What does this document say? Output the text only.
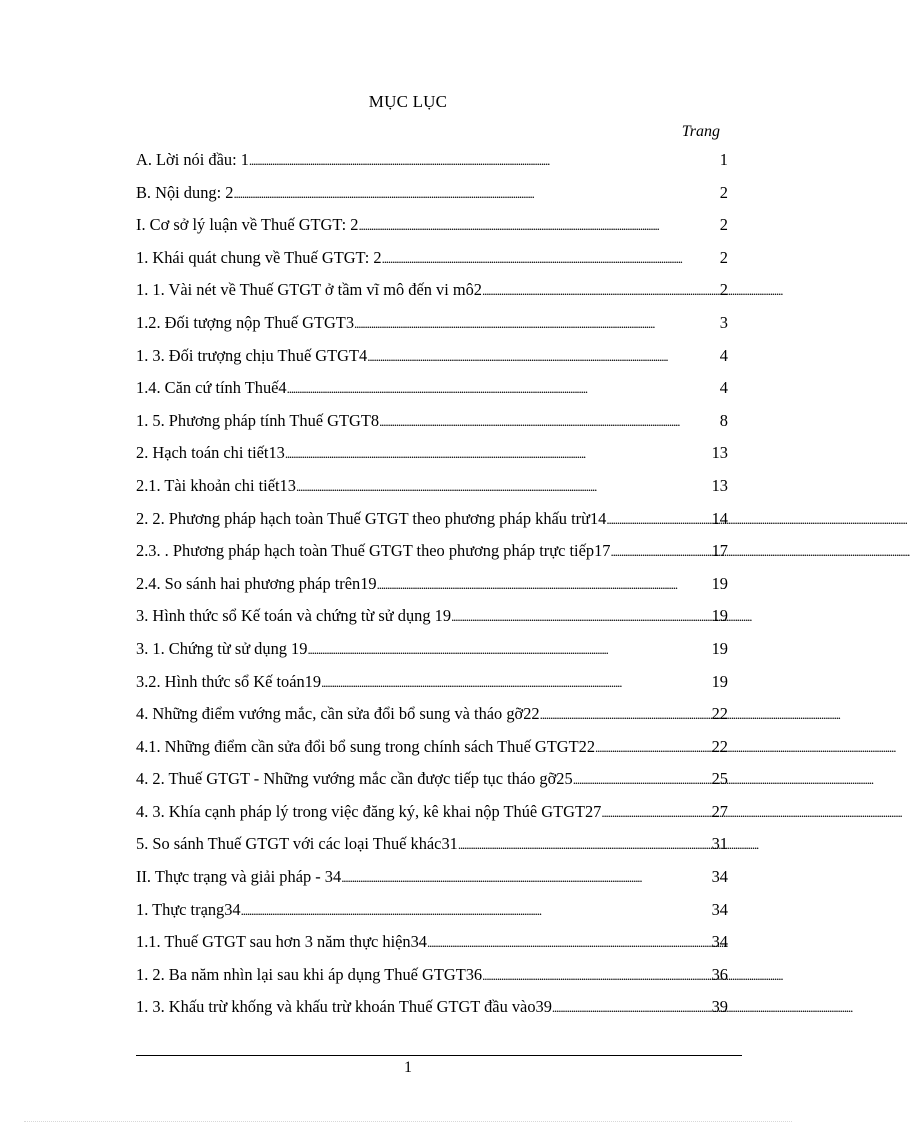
MỤC LỤC
Trang
A. Lời nói đầu: 1 . . .	1
B. Nội dung: 2 . . .	2
I. Cơ sở lý luận về Thuế GTGT: 2 . . .	2
1. Khái quát chung về Thuế GTGT: 2 . . .	2
1. 1. Vài nét về Thuế GTGT ở tầm vĩ mô đến vi mô2 . . .	2
1.2. Đối tượng nộp Thuế GTGT3 . . .	3
1. 3. Đối trượng chịu Thuế GTGT4 . . .	4
1.4. Căn cứ tính Thuế4 . . .	4
1. 5. Phương pháp tính Thuế GTGT8 . . .	8
2. Hạch toán chi tiết13 . . .	13
2.1. Tài khoản chi tiết13 . . .	13
2. 2. Phương pháp hạch toàn Thuế GTGT theo phương pháp khấu trừ14 . . .	14
2.3. . Phương pháp hạch toàn Thuế GTGT theo phương pháp trực tiếp17 . . .	17
2.4. So sánh hai phương pháp trên19 . . .	19
3. Hình thức sổ Kế toán và chứng từ sử dụng 19 . . .	19
3. 1. Chứng từ sử dụng 19 . . .	19
3.2. Hình thức sổ Kế toán19 . . .	19
4. Những điểm vướng mắc, cần sửa đổi bổ sung và tháo gỡ22 . . .	22
4.1. Những điểm cần sửa đổi bổ sung trong chính sách Thuế GTGT22 . . .	22
4. 2. Thuế GTGT - Những vướng mắc cần được tiếp tục tháo gỡ25 . . .	25
4. 3. Khía cạnh pháp lý trong việc đăng ký, kê khai nộp Thúê GTGT27 . . .	27
5. So sánh Thuế GTGT với các loại Thuế khác31 . . .	31
II. Thực trạng và giải pháp - 34 . . .	34
1. Thực trạng34 . . .	34
1.1. Thuế GTGT sau hơn 3 năm thực hiện34 . . .	34
1. 2. Ba năm nhìn lại sau khi áp dụng Thuế GTGT36 . . .	36
1. 3. Khấu trừ khống và khấu trừ khoán Thuế GTGT đầu vào39 . . .	39
1
